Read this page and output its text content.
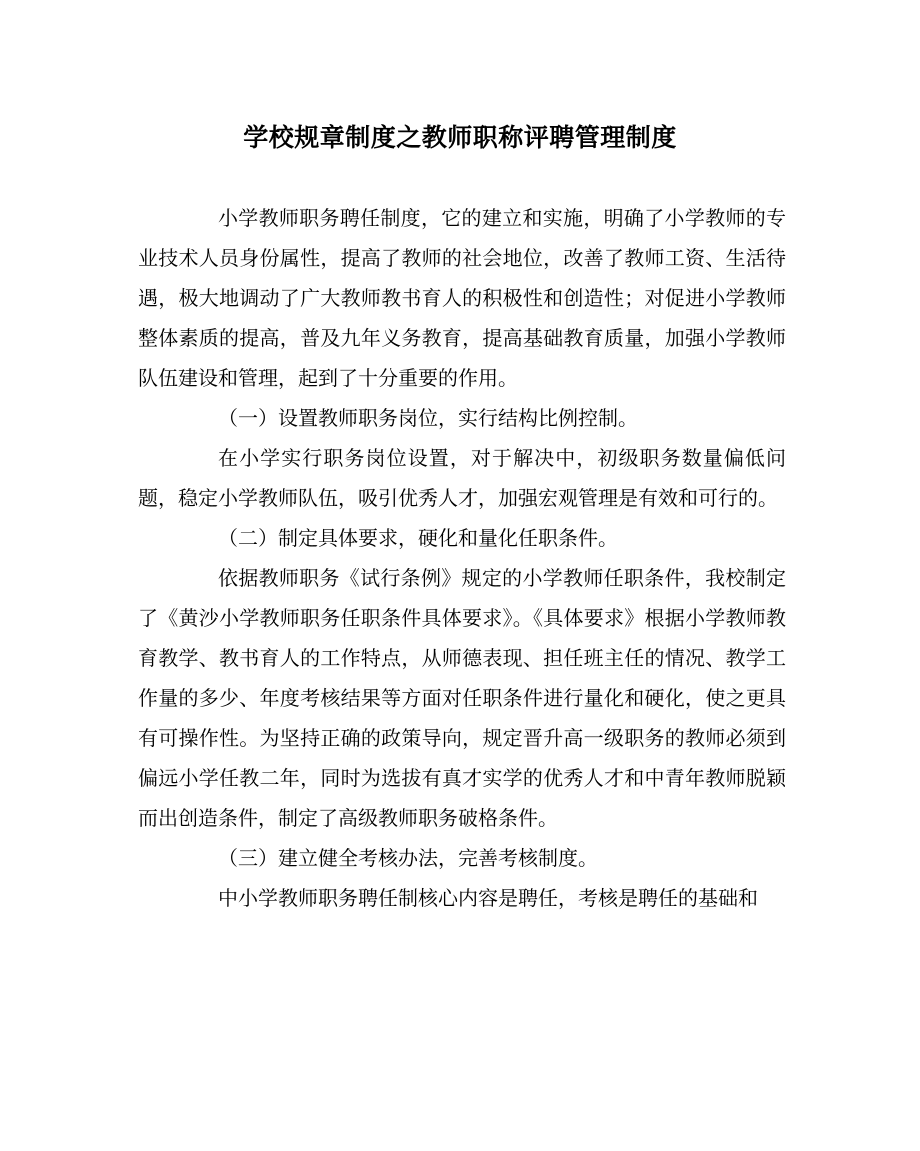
学校规章制度之教师职称评聘管理制度

小学教师职务聘任制度，它的建立和实施，明确了小学教师的专业技术人员身份属性，提高了教师的社会地位，改善了教师工资、生活待遇，极大地调动了广大教师教书育人的积极性和创造性；对促进小学教师整体素质的提高，普及九年义务教育，提高基础教育质量，加强小学教师队伍建设和管理，起到了十分重要的作用。

（一）设置教师职务岗位，实行结构比例控制。

在小学实行职务岗位设置，对于解决中，初级职务数量偏低问题，稳定小学教师队伍，吸引优秀人才，加强宏观管理是有效和可行的。

（二）制定具体要求，硬化和量化任职条件。

依据教师职务《试行条例》规定的小学教师任职条件，我校制定了《黄沙小学教师职务任职条件具体要求》。《具体要求》根据小学教师教育教学、教书育人的工作特点，从师德表现、担任班主任的情况、教学工作量的多少、年度考核结果等方面对任职条件进行量化和硬化，使之更具有可操作性。为坚持正确的政策导向，规定晋升高一级职务的教师必须到偏远小学任教二年，同时为选拔有真才实学的优秀人才和中青年教师脱颖而出创造条件，制定了高级教师职务破格条件。

（三）建立健全考核办法，完善考核制度。

中小学教师职务聘任制核心内容是聘任，考核是聘任的基础和
